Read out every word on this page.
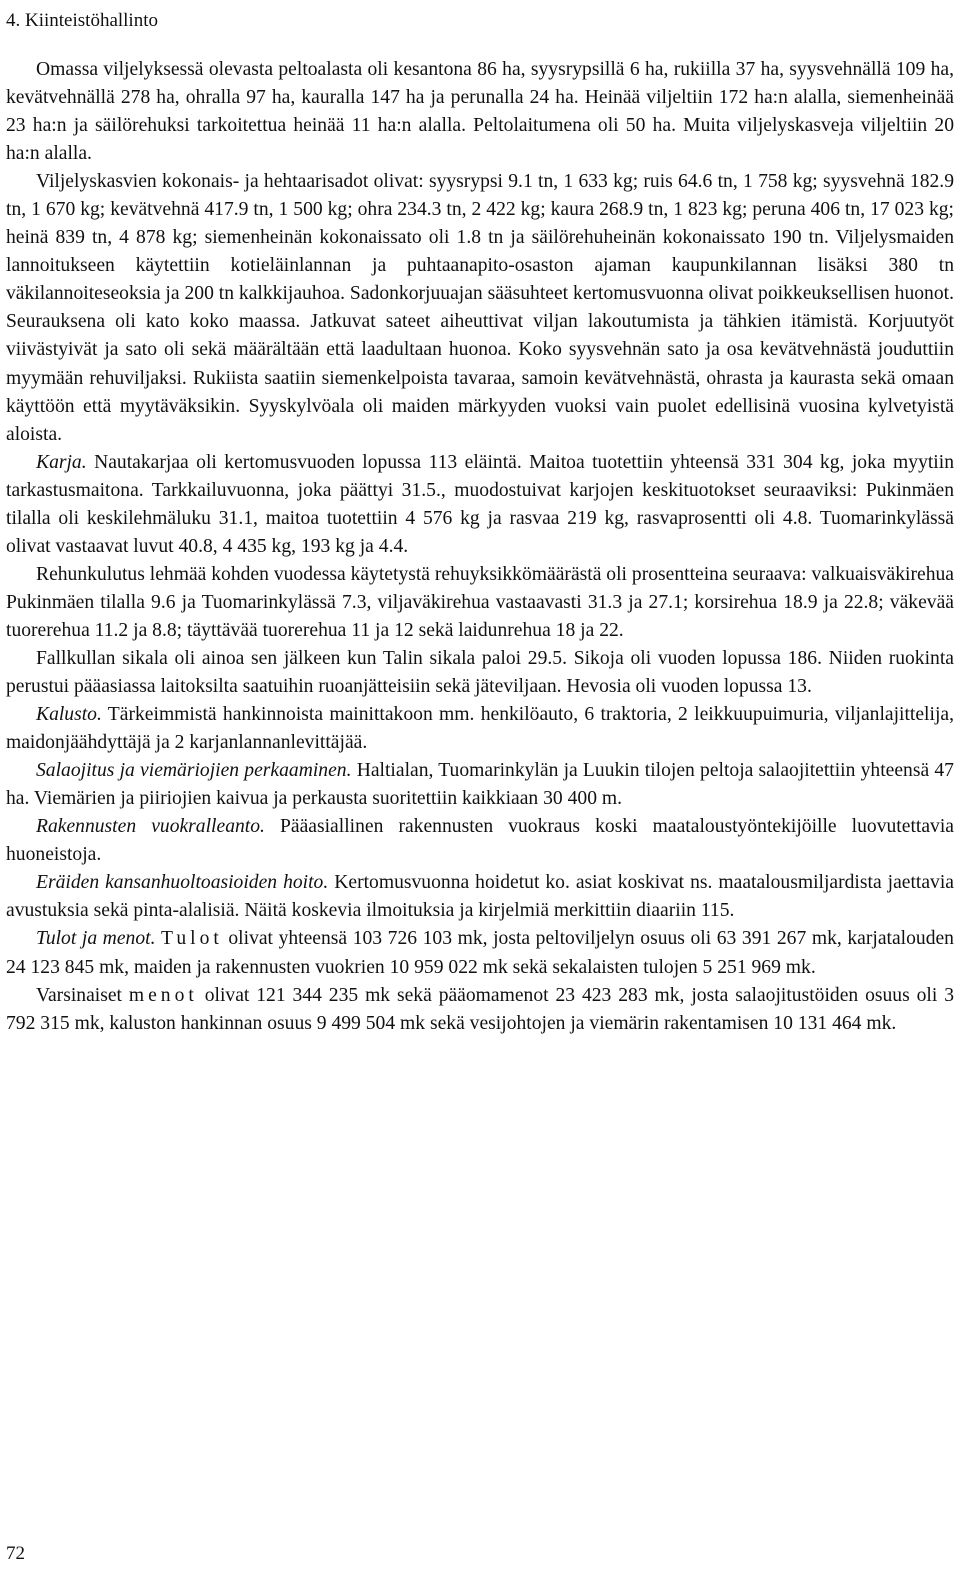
4. Kiinteistöhallinto

Omassa viljelyksessä olevasta peltoalasta oli kesantona 86 ha, syysrypsillä 6 ha, rukiilla 37 ha, syysvehnällä 109 ha, kevätvehnällä 278 ha, ohralla 97 ha, kauralla 147 ha ja perunalla 24 ha. Heinää viljeltiin 172 ha:n alalla, siemenheinää 23 ha:n ja säilörehuksi tarkoitettua heinää 11 ha:n alalla. Peltolaitumena oli 50 ha. Muita viljelyskasveja viljeltiin 20 ha:n alalla.

Viljelyskasvien kokonais- ja hehtaarisadot olivat: syysrypsi 9.1 tn, 1 633 kg; ruis 64.6 tn, 1 758 kg; syysvehnä 182.9 tn, 1 670 kg; kevätvehnä 417.9 tn, 1 500 kg; ohra 234.3 tn, 2 422 kg; kaura 268.9 tn, 1 823 kg; peruna 406 tn, 17 023 kg; heinä 839 tn, 4 878 kg; siemenheinän kokonaissato oli 1.8 tn ja säilörehuheinän kokonaissato 190 tn. Viljelysmaiden lannoitukseen käytettiin kotieläinlannan ja puhtaanapito-osaston ajaman kaupunkilannan lisäksi 380 tn väkilannoiteseoksia ja 200 tn kalkkijauhoa. Sadonkorjuuajan sääsuhteet kertomusvuonna olivat poikkeuksellisen huonot. Seurauksena oli kato koko maassa. Jatkuvat sateet aiheuttivat viljan lakoutumista ja tähkien itämistä. Korjuutyöt viivästyivät ja sato oli sekä määrältään että laadultaan huonoa. Koko syysvehnän sato ja osa kevätvehnästä jouduttiin myymään rehuviljaksi. Rukiista saatiin siemenkelpoista tavaraa, samoin kevätvehnästä, ohrasta ja kaurasta sekä omaan käyttöön että myytäväksikin. Syyskylvöala oli maiden märkyyden vuoksi vain puolet edellisinä vuosina kylvetyistä aloista.

Karja. Nautakarjaa oli kertomusvuoden lopussa 113 eläintä. Maitoa tuotettiin yhteensä 331 304 kg, joka myytiin tarkastusmaitona. Tarkkailuvuonna, joka päättyi 31.5., muodostuivat karjojen keskituotokset seuraaviksi: Pukinmäen tilalla oli keskilehmäluku 31.1, maitoa tuotettiin 4 576 kg ja rasvaa 219 kg, rasvaprosentti oli 4.8. Tuomarinkylässä olivat vastaavat luvut 40.8, 4 435 kg, 193 kg ja 4.4.

Rehunkulutus lehmää kohden vuodessa käytetystä rehuyksikkömäärästä oli prosentteina seuraava: valkuaisväkirehua Pukinmäen tilalla 9.6 ja Tuomarinkylässä 7.3, viljaväkirehua vastaavasti 31.3 ja 27.1; korsirehua 18.9 ja 22.8; väkevää tuorerehua 11.2 ja 8.8; täyttävää tuorerehua 11 ja 12 sekä laidunrehua 18 ja 22.

Fallkullan sikala oli ainoa sen jälkeen kun Talin sikala paloi 29.5. Sikoja oli vuoden lopussa 186. Niiden ruokinta perustui pääasiassa laitoksilta saatuihin ruoanjätteisiin sekä jäteviljaan. Hevosia oli vuoden lopussa 13.

Kalusto. Tärkeimmistä hankinnoista mainittakoon mm. henkilöauto, 6 traktoria, 2 leikkuupuimuria, viljanlajittelija, maidonjäähdyttäjä ja 2 karjanlannanlevittäjää.

Salaojitus ja viemäriojien perkaaminen. Haltialan, Tuomarinkylän ja Luukin tilojen peltoja salaojitettiin yhteensä 47 ha. Viemärien ja piiriojien kaivua ja perkausta suoritettiin kaikkiaan 30 400 m.

Rakennusten vuokralleanto. Pääasiallinen rakennusten vuokraus koski maataloustyöntekijöille luovutettavia huoneistoja.

Eräiden kansanhuoltoasioiden hoito. Kertomusvuonna hoidetut ko. asiat koskivat ns. maatalousmiljardista jaettavia avustuksia sekä pinta-alalisiä. Näitä koskevia ilmoituksia ja kirjelmiä merkittiin diaariin 115.

Tulot ja menot. Tulot olivat yhteensä 103 726 103 mk, josta peltoviljelyn osuus oli 63 391 267 mk, karjatalouden 24 123 845 mk, maiden ja rakennusten vuokrien 10 959 022 mk sekä sekalaisten tulojen 5 251 969 mk.

Varsinaiset menot olivat 121 344 235 mk sekä pääomamenot 23 423 283 mk, josta salaojitustöiden osuus oli 3 792 315 mk, kaluston hankinnan osuus 9 499 504 mk sekä vesijohtojen ja viemärin rakentamisen 10 131 464 mk.

72
